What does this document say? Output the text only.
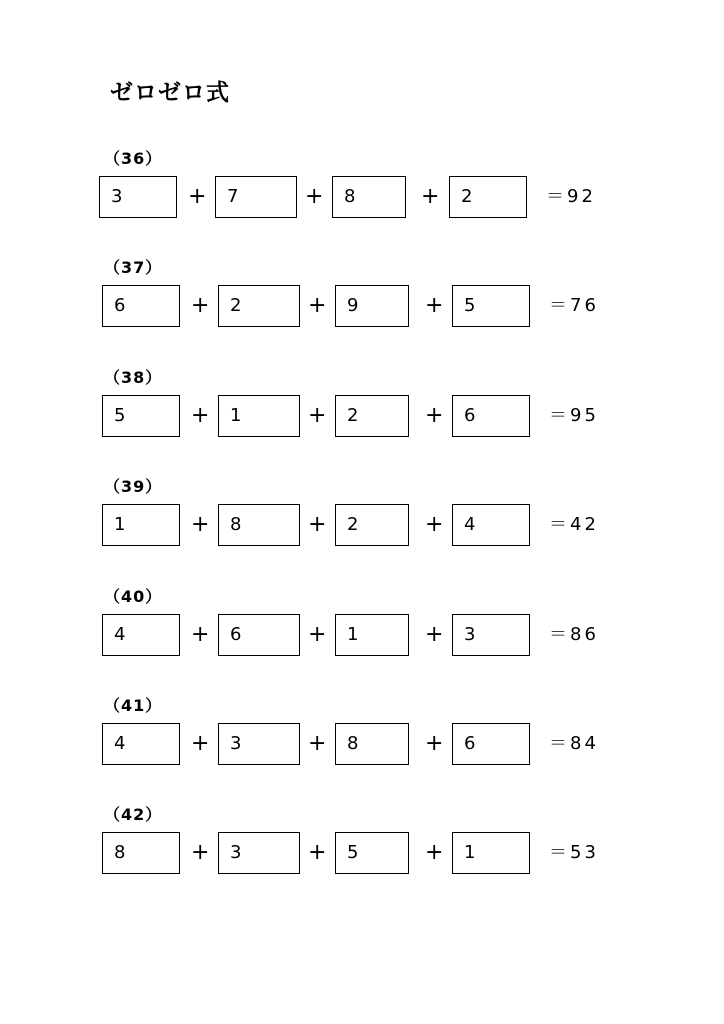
ゼロゼロ式
（36）
3	+	7	+	8	+	2	＝92
（37）
6	+	2	+	9	+	5	＝76
（38）
5	+	1	+	2	+	6	＝95
（39）
1	+	8	+	2	+	4	＝42
（40）
4	+	6	+	1	+	3	＝86
（41）
4	+	3	+	8	+	6	＝84
（42）
8	+	3	+	5	+	1	＝53
